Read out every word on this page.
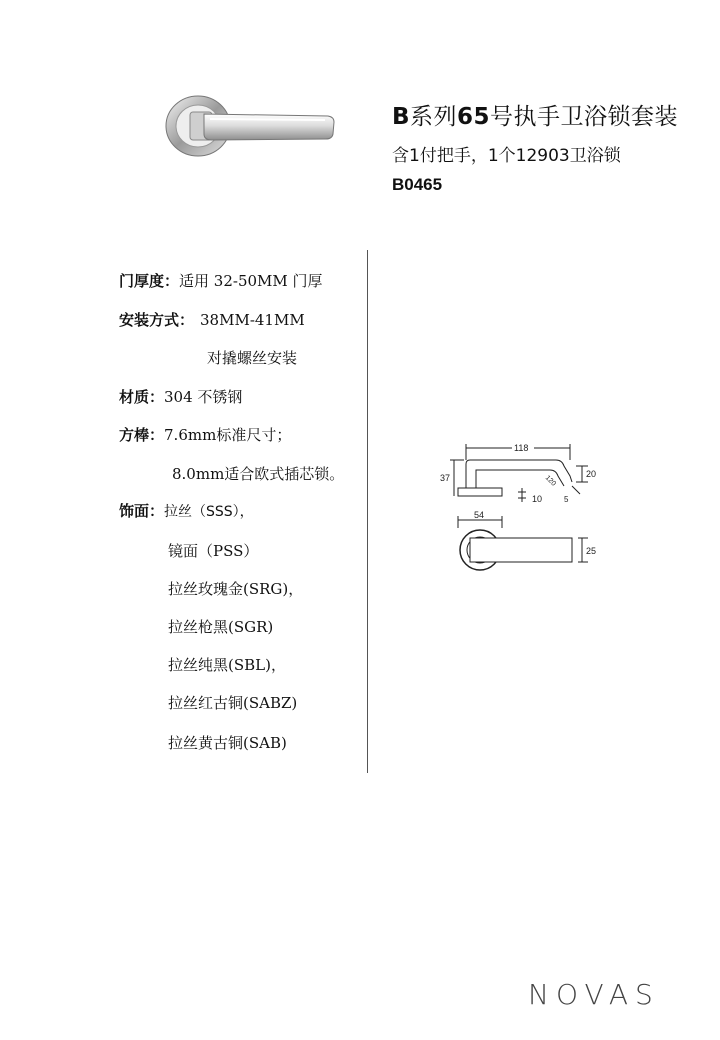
B系列65号执手卫浴锁套装
含1付把手，1个12903卫浴锁
B0465
门厚度：适用 32-50MM 门厚
安装方式： 38MM-41MM
对撬螺丝安装
材质：304 不锈钢
方棒：7.6mm标准尺寸；
8.0mm适合欧式插芯锁。
饰面：拉丝（SSS），
镜面（PSS）
拉丝玫瑰金(SRG)，
拉丝枪黑(SGR)
拉丝纯黑(SBL)，
拉丝红古铜(SABZ)
拉丝黄古铜(SAB)
118
37	20
120
5
10
54
25
NOVAS
